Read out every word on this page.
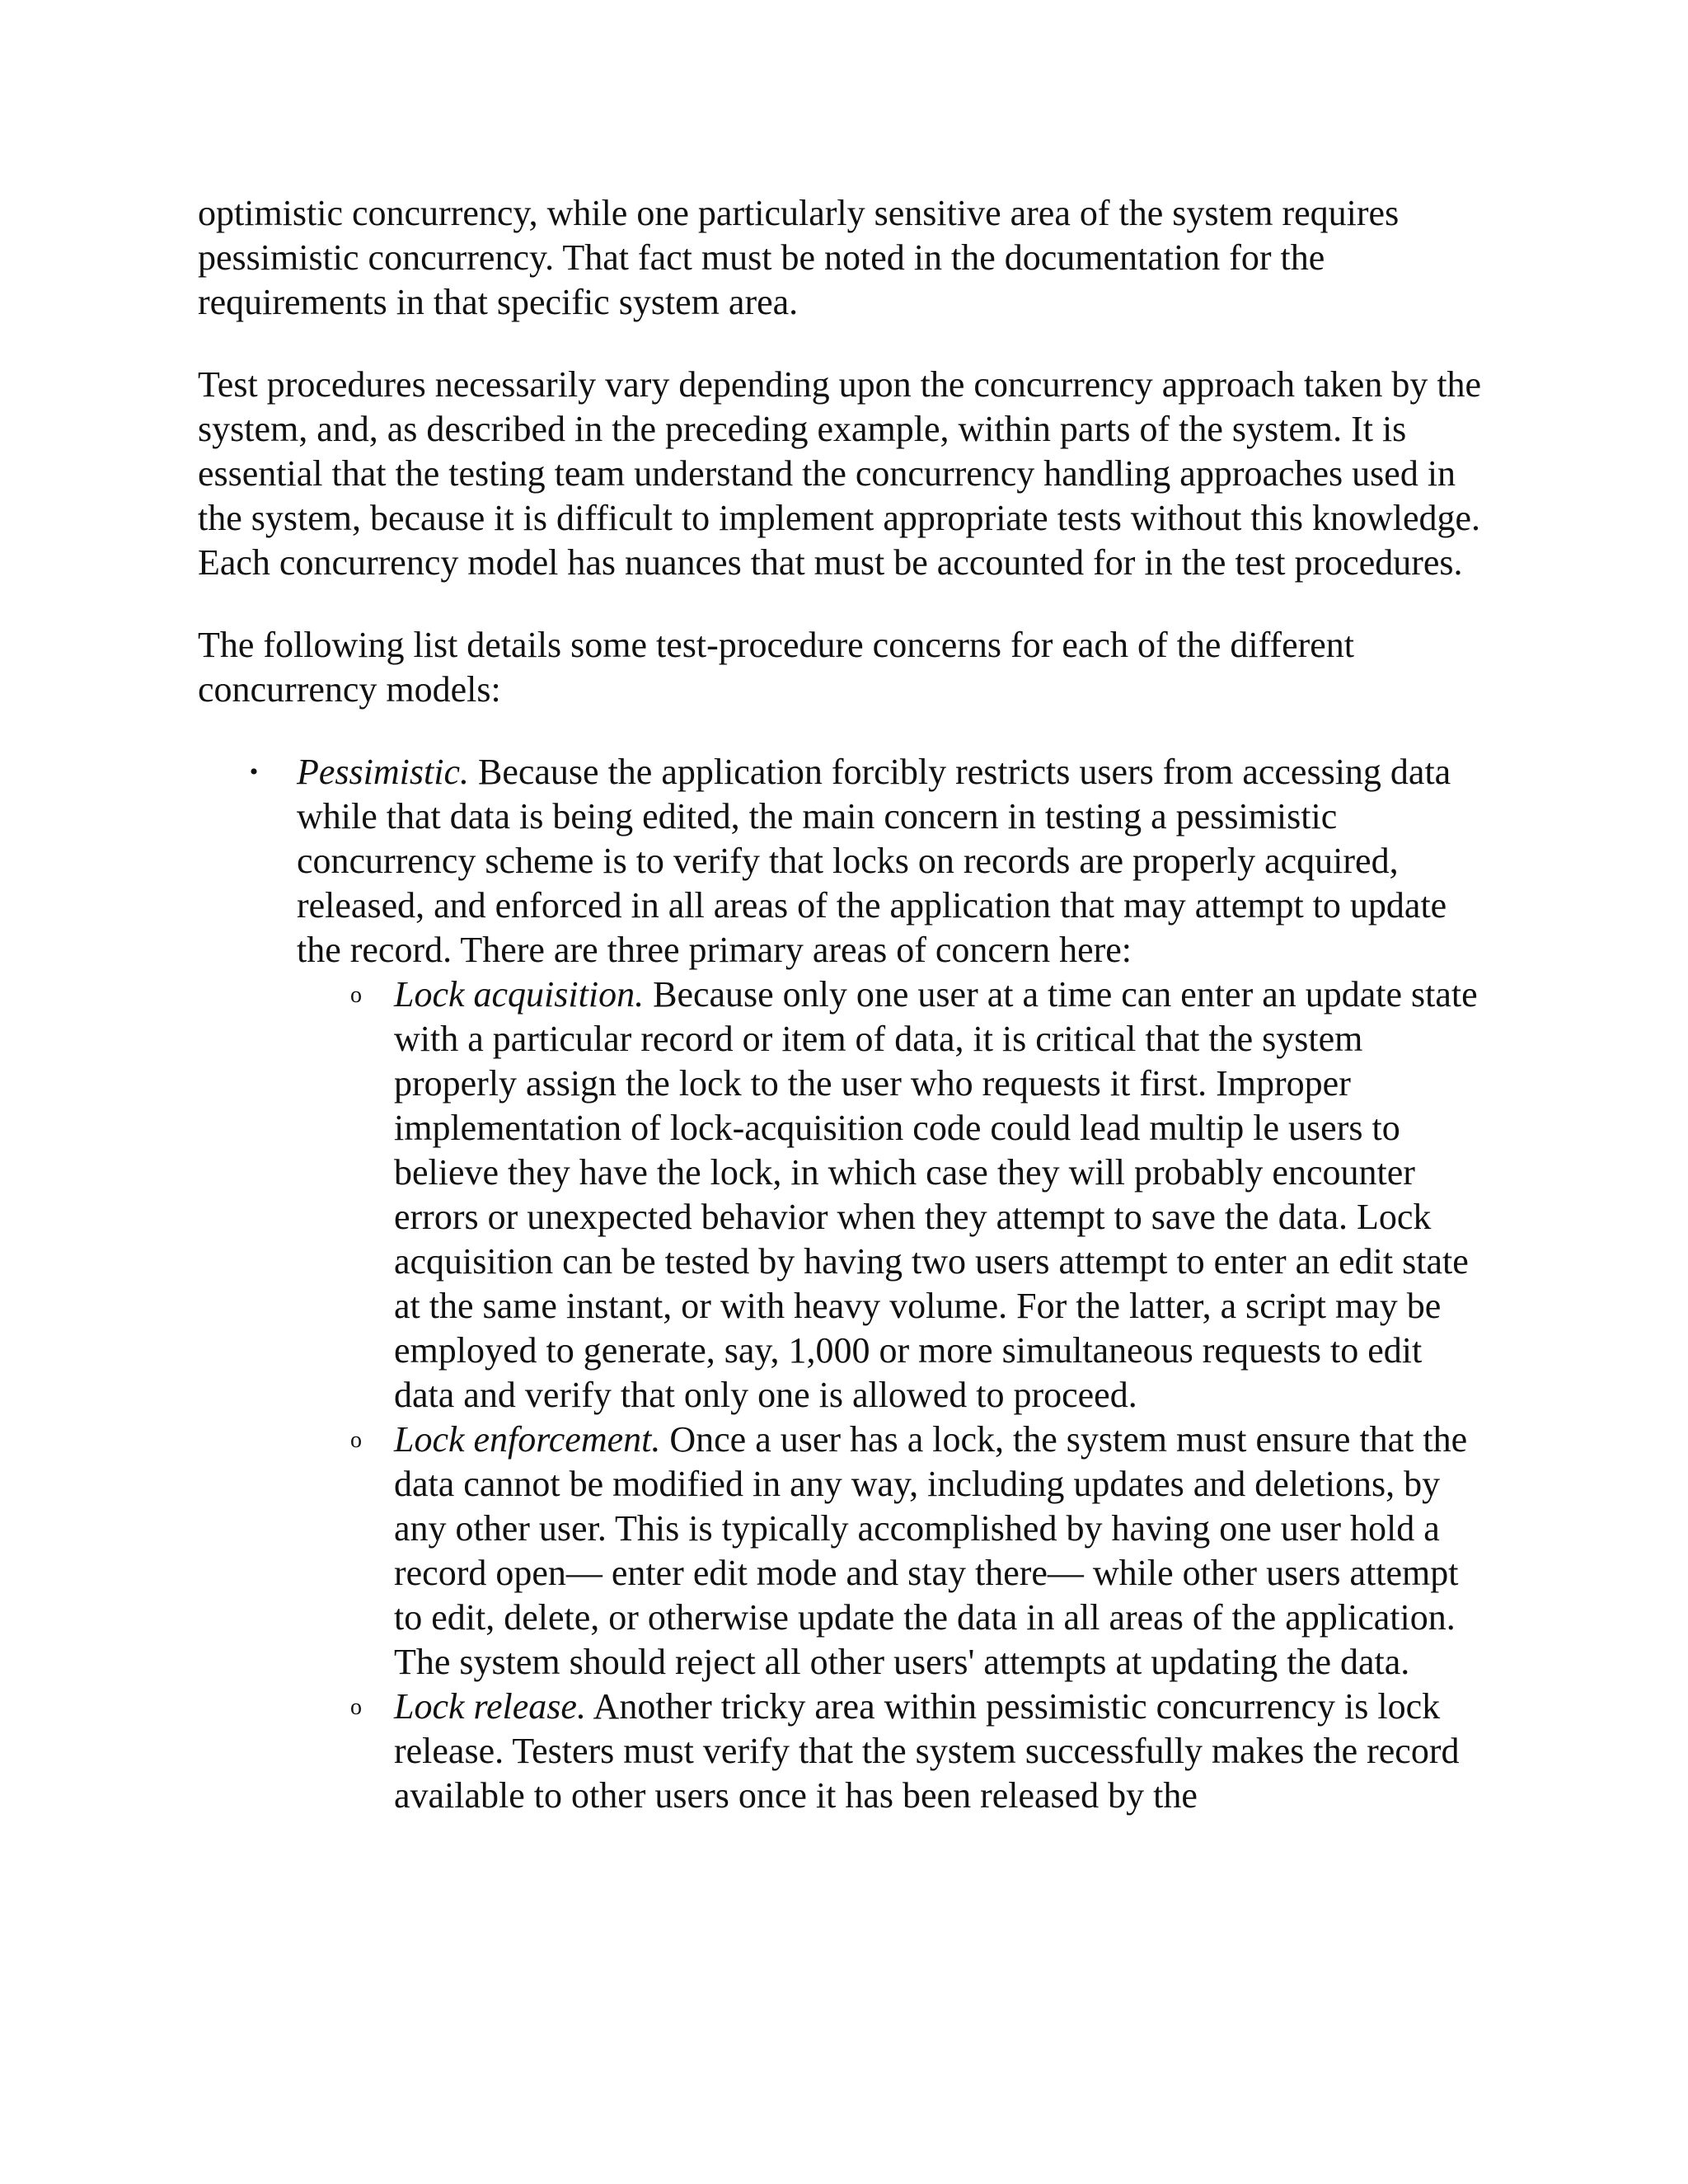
optimistic concurrency, while one particularly sensitive area of the system requires pessimistic concurrency. That fact must be noted in the documentation for the requirements in that specific system area.

Test procedures necessarily vary depending upon the concurrency approach taken by the system, and, as described in the preceding example, within parts of the system. It is essential that the testing team understand the concurrency handling approaches used in the system, because it is difficult to implement appropriate tests without this knowledge. Each concurrency model has nuances that must be accounted for in the test procedures.

The following list details some test-procedure concerns for each of the different concurrency models:

• Pessimistic. Because the application forcibly restricts users from accessing data while that data is being edited, the main concern in testing a pessimistic concurrency scheme is to verify that locks on records are properly acquired, released, and enforced in all areas of the application that may attempt to update the record. There are three primary areas of concern here:
o Lock acquisition. Because only one user at a time can enter an update state with a particular record or item of data, it is critical that the system properly assign the lock to the user who requests it first. Improper implementation of lock-acquisition code could lead multip le users to believe they have the lock, in which case they will probably encounter errors or unexpected behavior when they attempt to save the data. Lock acquisition can be tested by having two users attempt to enter an edit state at the same instant, or with heavy volume. For the latter, a script may be employed to generate, say, 1,000 or more simultaneous requests to edit data and verify that only one is allowed to proceed.
o Lock enforcement. Once a user has a lock, the system must ensure that the data cannot be modified in any way, including updates and deletions, by any other user. This is typically accomplished by having one user hold a record open— enter edit mode and stay there— while other users attempt to edit, delete, or otherwise update the data in all areas of the application. The system should reject all other users' attempts at updating the data.
o Lock release. Another tricky area within pessimistic concurrency is lock release. Testers must verify that the system successfully makes the record available to other users once it has been released by the
